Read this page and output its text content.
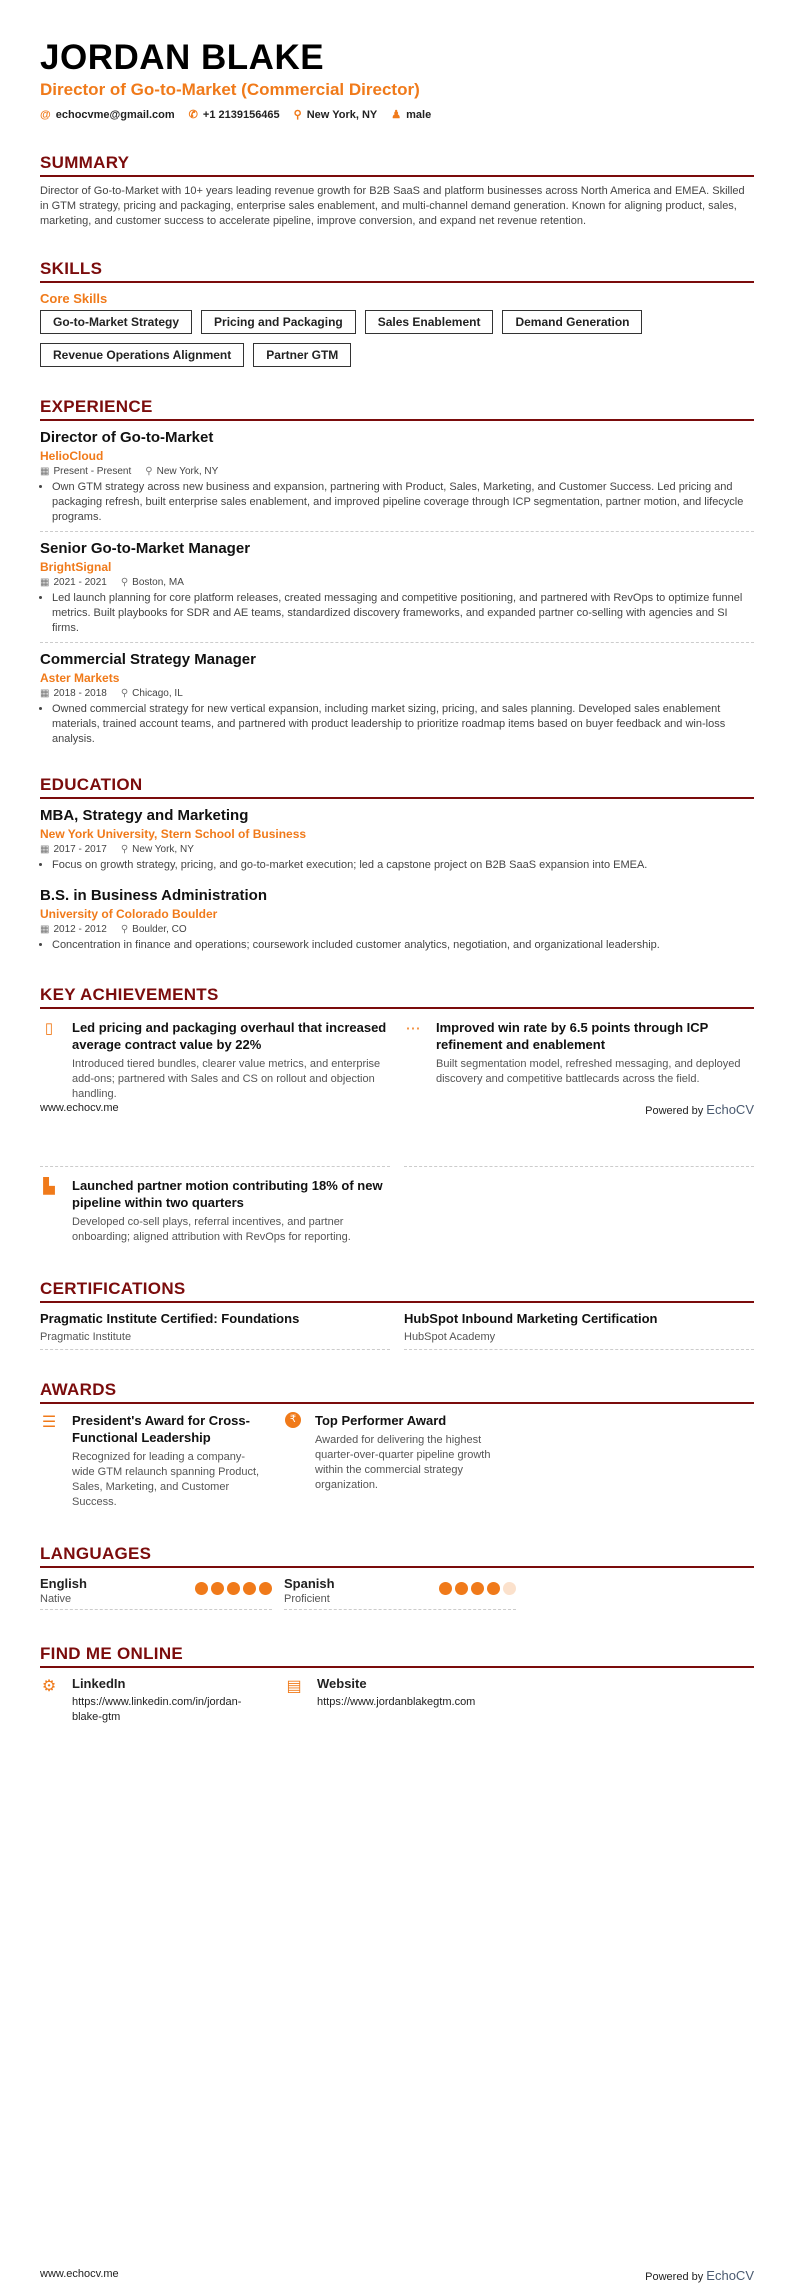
JORDAN BLAKE
Director of Go-to-Market (Commercial Director)
@ echocvme@gmail.com ✆ +1 2139156465 ⚲ New York, NY ♟ male
SUMMARY

Director of Go-to-Market with 10+ years leading revenue growth for B2B SaaS and platform businesses across North America and EMEA. Skilled in GTM strategy, pricing and packaging, enterprise sales enablement, and multi-channel demand generation. Known for aligning product, sales, marketing, and customer success to accelerate pipeline, improve conversion, and expand net revenue retention.

SKILLS
Core Skills
Go-to-Market Strategy	Pricing and Packaging	Sales Enablement	Demand Generation
Revenue Operations Alignment	Partner GTM
EXPERIENCE
Director of Go-to-Market
HelioCloud
▦ Present - Present ⚲ New York, NY
• Own GTM strategy across new business and expansion, partnering with Product, Sales, Marketing, and Customer Success. Led pricing and packaging refresh, built enterprise sales enablement, and improved pipeline coverage through ICP segmentation, partner motion, and lifecycle programs.
Senior Go-to-Market Manager
BrightSignal
▦ 2021 - 2021 ⚲ Boston, MA
• Led launch planning for core platform releases, created messaging and competitive positioning, and partnered with RevOps to optimize funnel metrics. Built playbooks for SDR and AE teams, standardized discovery frameworks, and expanded partner co-selling with agencies and SI firms.
Commercial Strategy Manager
Aster Markets
▦ 2018 - 2018 ⚲ Chicago, IL
• Owned commercial strategy for new vertical expansion, including market sizing, pricing, and sales planning. Developed sales enablement materials, trained account teams, and partnered with product leadership to prioritize roadmap items based on buyer feedback and win-loss analysis.
EDUCATION
MBA, Strategy and Marketing
New York University, Stern School of Business
▦ 2017 - 2017 ⚲ New York, NY
• Focus on growth strategy, pricing, and go-to-market execution; led a capstone project on B2B SaaS expansion into EMEA.
B.S. in Business Administration
University of Colorado Boulder
▦ 2012 - 2012 ⚲ Boulder, CO
• Concentration in finance and operations; coursework included customer analytics, negotiation, and organizational leadership.
KEY ACHIEVEMENTS
▯	Led pricing and packaging overhaul that increased average contract value by 22%
Introduced tiered bundles, clearer value metrics, and enterprise add-ons; partnered with Sales and CS on rollout and objection handling.
⋯ Improved win rate by 6.5 points through ICP refinement and enablement
Built segmentation model, refreshed messaging, and deployed discovery and competitive battlecards across the field.
www.echocv.me	Powered by EchoCV
▙ Launched partner motion contributing 18% of new pipeline within two quarters
Developed co-sell plays, referral incentives, and partner onboarding; aligned attribution with RevOps for reporting.
CERTIFICATIONS
Pragmatic Institute Certified: Foundations
Pragmatic Institute
HubSpot Inbound Marketing Certification
HubSpot Academy
AWARDS
☰ President's Award for Cross-Functional Leadership
Recognized for leading a company-wide GTM relaunch spanning Product, Sales, Marketing, and Customer Success.
₹	Top Performer Award
Awarded for delivering the highest quarter-over-quarter pipeline growth within the commercial strategy organization.
LANGUAGES
English
Native
Spanish
Proficient
FIND ME ONLINE
⚙ LinkedIn
https://www.linkedin.com/in/jordan-blake-gtm
▤ Website
https://www.jordanblakegtm.com
www.echocv.me	Powered by EchoCV
